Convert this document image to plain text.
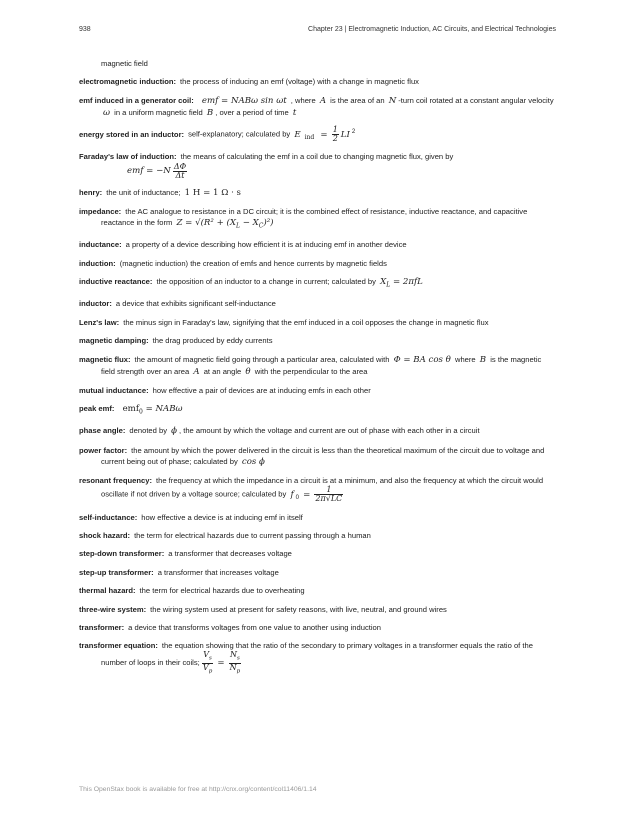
938	Chapter 23 | Electromagnetic Induction, AC Circuits, and Electrical Technologies
magnetic field
electromagnetic induction: the process of inducing an emf (voltage) with a change in magnetic flux
emf induced in a generator coil: emf = NABω sin ωt , where A is the area of an N -turn coil rotated at a constant angular velocity ω in a uniform magnetic field B , over a period of time t
energy stored in an inductor: self-explanatory; calculated by E $_{ind} = \frac{1}{2}$ LI $^2$
Faraday's law of induction: the means of calculating the emf in a coil due to changing magnetic flux, given by
emf = $-N \frac{\Delta\Phi}{\Delta t}$
henry: the unit of inductance; 1 H = 1 Ω · s
impedance: the AC analogue to resistance in a DC circuit; it is the combined effect of resistance, inductive reactance, and capacitive reactance in the form $Z = √(R^2 + (X_L - X_C)^2)$
inductance: a property of a device describing how efficient it is at inducing emf in another device
induction: (magnetic induction) the creation of emfs and hence currents by magnetic fields
inductive reactance: the opposition of an inductor to a change in current; calculated by $X_L = 2\pi fL$
inductor: a device that exhibits significant self-inductance
Lenz's law: the minus sign in Faraday's law, signifying that the emf induced in a coil opposes the change in magnetic flux
magnetic damping: the drag produced by eddy currents
magnetic flux: the amount of magnetic field going through a particular area, calculated with Φ = BA cos θ where B is the magnetic field strength over an area A at an angle θ with the perpendicular to the area
mutual inductance: how effective a pair of devices are at inducing emfs in each other
peak emf: emf$_0$ = NABω
phase angle: denoted by ϕ , the amount by which the voltage and current are out of phase with each other in a circuit
power factor: the amount by which the power delivered in the circuit is less than the theoretical maximum of the circuit due to voltage and current being out of phase; calculated by cos ϕ
resonant frequency: the frequency at which the impedance in a circuit is at a minimum, and also the frequency at which the circuit would oscillate if not driven by a voltage source; calculated by f $_0 = \frac{1}{2\pi√LC}$
self-inductance: how effective a device is at inducing emf in itself
shock hazard: the term for electrical hazards due to current passing through a human
step-down transformer: a transformer that decreases voltage
step-up transformer: a transformer that increases voltage
thermal hazard: the term for electrical hazards due to overheating
three-wire system: the wiring system used at present for safety reasons, with live, neutral, and ground wires
transformer: a device that transforms voltages from one value to another using induction
transformer equation: the equation showing that the ratio of the secondary to primary voltages in a transformer equals the ratio of the number of loops in their coils; $\frac{V_s}{V_p} = \frac{N_s}{N_p}$
This OpenStax book is available for free at http://cnx.org/content/col11406/1.14
